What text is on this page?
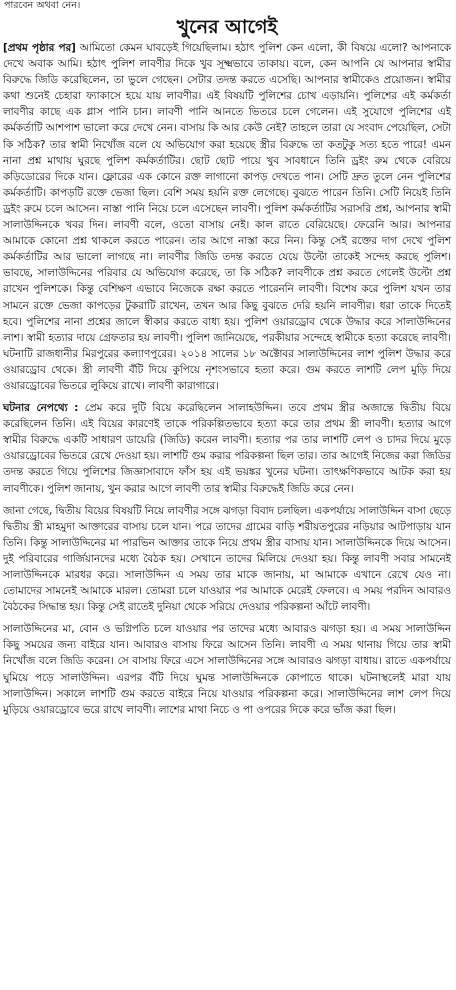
পারবেন অথবা নেন।
খুনের আগেই

[প্রথম পৃষ্ঠার পর] আমিতো কেমন ঘাবড়েই গিয়েছিলাম। হঠাৎ পুলিশ কেন এলো, কী বিষয়ে এলো? আপনাকে দেখে অবাক আমি। হঠাৎ পুলিশ লাবণীর দিকে খুব সূক্ষ্মভাবে তাকায়। বলে, কেন আপনি যে আপনার স্বামীর বিরুদ্ধে জিডি করেছিলেন, তা ভুলে গেছেন। সেটার তদন্ত করতে এসেছি। আপনার স্বামীকেও প্রয়োজন। স্বামীর কথা শুনেই চেহারা ফ্যাকাসে হয়ে যায় লাবণীর। এই বিষয়টি পুলিশের চোখ এড়ায়নি। পুলিশের এই কর্মকর্তা লাবণীর কাছে এক গ্লাস পানি চান। লাবণী পানি আনতে ভিতরে চলে গেলেন। এই সুযোগে পুলিশের এই কর্মকর্তাটি আশপাশ ভালো করে দেখে নেন। বাসায় কি আর কেউ নেই? তাহলে তারা যে সংবাদ পেয়েছিল, সেটা কি সঠিক? তার স্বামী নিখোঁজ বলে যে অভিযোগ করা হয়েছে স্ত্রীর বিরুদ্ধে তা কতটুকু সত্য হতে পারে! এমন নানা প্রশ্ন মাথায় ঘুরছে পুলিশ কর্মকর্তাটির। ছোট ছোট পায়ে খুব সাবধানে তিনি ড্রইং রুম থেকে বেরিয়ে কড়িডোরের দিকে যান। ফ্লোরের এক কোনে রক্ত লাগানো কাপড় দেখতে পান। সেটি দ্রুত তুলে নেন পুলিশের কর্মকর্তাটি। কাপড়টি রক্তে ভেজা ছিল। বেশি সময় হয়নি রক্ত লেগেছে। বুঝতে পারেন তিনি। সেটি নিয়েই তিনি ড্রইং রুমে চলে আসেন। নাস্তা পানি নিয়ে চলে এসেছেন লাবণী। পুলিশ কর্মকর্তাটির সরাসরি প্রশ্ন, আপনার স্বামী সালাউদ্দিনকে খবর দিন। লাবণী বলে, ওতো বাসায় নেই। কাল রাতে বেরিয়েছে। ফেরেনি আর। আপনার আমাকে কোনো প্রশ্ন থাকলে করতে পারেন। তার আগে নাস্তা করে নিন। কিন্তু সেই রক্তের দাগ দেখে পুলিশ কর্মকর্তাটির আর ভালো লাগছে না। লাবণীর জিডি তদন্ত করতে যেয়ে উল্টো তাকেই সন্দেহ করছে পুলিশ। ভাবছে, সালাউদ্দিনের পরিবার যে অভিযোগ করেছে, তা কি সঠিক? লাবণীকে প্রশ্ন করতে গেলেই উল্টো প্রশ্ন রাখেন পুলিশকে। কিন্তু বেশিক্ষণ এভাবে নিজেকে রক্ষা করতে পারেননি লাবণী। বিশেষ করে পুলিশ যখন তার সামনে রক্তে ভেজা কাপড়ের টুকরাটি রাখেন, তখন আর কিছু বুঝতে দেরি হয়নি লাবণীর। ধরা তাকে দিতেই হবে। পুলিশের নানা প্রশ্নের জালে স্বীকার করতে বাধ্য হয়। পুলিশ ওয়ারড্রোব থেকে উদ্ধার করে সালাউদ্দিনের লাশ। স্বামী হত্যার দায়ে গ্রেফতার হয় লাবণী। পুলিশ জানিয়েছে, পরকীয়ার সন্দেহে স্বামীকে হত্যা করেছে লাবণী। ঘটনাটি রাজধানীর মিরপুরের কল্যাণপুরের। ২০১৪ সালের ১৮ অক্টোবর সালাউদ্দিনের লাশ পুলিশ উদ্ধার করে ওয়ারড্রোব থেকে। স্ত্রী লাবণী বঁটি দিয়ে কুপিয়ে নৃশংসভাবে হত্যা করে। গুম করতে লাশটি লেপ মুড়ি দিয়ে ওয়ারড্রোবের ভিতরে লুকিয়ে রাখে। লাবণী কারাগারে।

ঘটনার নেপথ্যে : প্রেম করে দুটি বিয়ে করেছিলেন সালাহউদ্দিন। তবে প্রথম স্ত্রীর অজান্তে দ্বিতীয় বিয়ে করেছিলেন তিনি। এই বিয়ের কারণেই তাকে পরিকল্পিতভাবে হত্যা করে তার প্রথম স্ত্রী লাবণী। হত্যার আগে স্বামীর বিরুদ্ধে একটি সাধারণ ডায়েরি (জিডি) করেন লাবণী। হত্যার পর তার লাশটি লেপ ও চাদর দিয়ে মুড়ে ওয়ারড্রোবের ভিতরে রেখে দেওয়া হয়। লাশটি গুম করার পরিকল্পনা ছিল তার। তার আগেই নিজের করা জিডির তদন্ত করতে গিয়ে পুলিশের জিজ্ঞাসাবাদে ফাঁস হয় এই ভয়ঙ্কর খুনের ঘটনা। তাৎক্ষণিকভাবে আটক করা হয় লাবণীকে। পুলিশ জানায়, খুন করার আগে লাবণী তার স্বামীর বিরুদ্ধেই জিডি করে নেন।

জানা গেছে, দ্বিতীয় বিয়ের বিষয়টি নিয়ে লাবণীর সঙ্গে ঝগড়া বিবাদ চলছিল। একপর্যায়ে সালাউদ্দিন বাসা ছেড়ে দ্বিতীয় স্ত্রী মাহমুদা আক্তারের বাসায় চলে যান। পরে তাদের গ্রামের বাড়ি শরীয়তপুরের নড়িয়ার আটপাড়ায় যান তিনি। কিন্তু সালাউদ্দিনের মা পারভিন আক্তার তাকে নিয়ে প্রথম স্ত্রীর বাসায় যান। সালাউদ্দিনকে দিয়ে আসেন। দুই পরিবারের গার্জিয়ানদের মধ্যে বৈঠক হয়। সেখানে তাদের মিলিয়ে দেওয়া হয়। কিন্তু লাবণী সবার সামনেই সালাউদ্দিনকে মারধর করে। সালাউদ্দিন এ সময় তার মাকে জানায়, মা আমাকে এখানে রেখে যেও না। তোমাদের সামনেই আমাকে মারল। তোমরা চলে যাওয়ার পর আমাকে মেরেই ফেলবে। এ সময় পরদিন আবারও বৈঠকের সিদ্ধান্ত হয়। কিন্তু সেই রাতেই দুনিয়া থেকে সরিয়ে দেওয়ার পরিকল্পনা আঁটে লাবণী।

সালাউদ্দিনের মা, বোন ও ভগ্নিপতি চলে যাওয়ার পর তাদের মধ্যে আবারও ঝগড়া হয়। এ সময় সালাউদ্দিন কিছু সময়ের জন্য বাইরে যান। আবারও বাসায় ফিরে আসেন তিনি। লাবণী এ সময় থানায় গিয়ে তার স্বামী নিখোঁজ বলে জিডি করেন। সে বাসায় ফিরে এসে সালাউদ্দিনের সঙ্গে আবারও ঝগড়া বাধায়। রাতে একপর্যায়ে ঘুমিয়ে পড়ে সালাউদ্দিন। এরপর বঁটি দিয়ে ঘুমন্ত সালাউদ্দিনকে কোপাতে থাকে। ঘটনাস্থলেই মারা যায় সালাউদ্দিন। সকালে লাশটি গুম করতে বাইরে নিয়ে যাওয়ার পরিকল্পনা করে। সালাউদ্দিনের লাশ লেপ দিয়ে মুড়িয়ে ওয়ারড্রোবে ভরে রাখে লাবণী। লাশের মাথা নিচে ও পা ওপরের দিকে করে ভাঁজ করা ছিল।
